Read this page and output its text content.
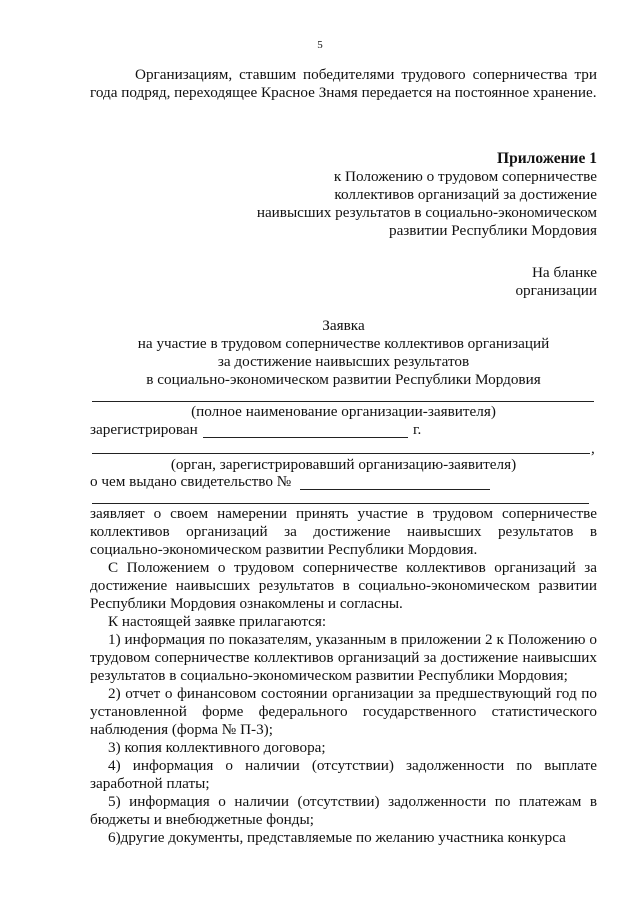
5
Организациям, ставшим победителями трудового соперничества три года подряд, переходящее Красное Знамя передается на постоянное хранение.
Приложение 1
к Положению о трудовом соперничестве
коллективов организаций за достижение
наивысших результатов в социально-экономическом
развитии Республики Мордовия
На бланке
организации
Заявка
на участие в трудовом соперничестве коллективов организаций
за достижение наивысших результатов
в социально-экономическом развитии Республики Мордовия
(полное наименование организации-заявителя)
зарегистрирован	г.
,
(орган, зарегистрировавший организацию-заявителя)
о чем выдано свидетельство №

заявляет о своем намерении принять участие в трудовом соперничестве коллективов организаций за достижение наивысших результатов в социально-экономическом развитии Республики Мордовия.

С Положением о трудовом соперничестве коллективов организаций за достижение наивысших результатов в социально-экономическом развитии Республики Мордовия ознакомлены и согласны.

К настоящей заявке прилагаются:

1) информация по показателям, указанным в приложении 2 к Положению о трудовом соперничестве коллективов организаций за достижение наивысших результатов в социально-экономическом развитии Республики Мордовия;

2) отчет о финансовом состоянии организации за предшествующий год по установленной форме федерального государственного статистического наблюдения (форма № П-3);

3) копия коллективного договора;

4) информация о наличии (отсутствии) задолженности по выплате заработной платы;

5) информация о наличии (отсутствии) задолженности по платежам в бюджеты и внебюджетные фонды;

6)другие документы, представляемые по желанию участника конкурса
